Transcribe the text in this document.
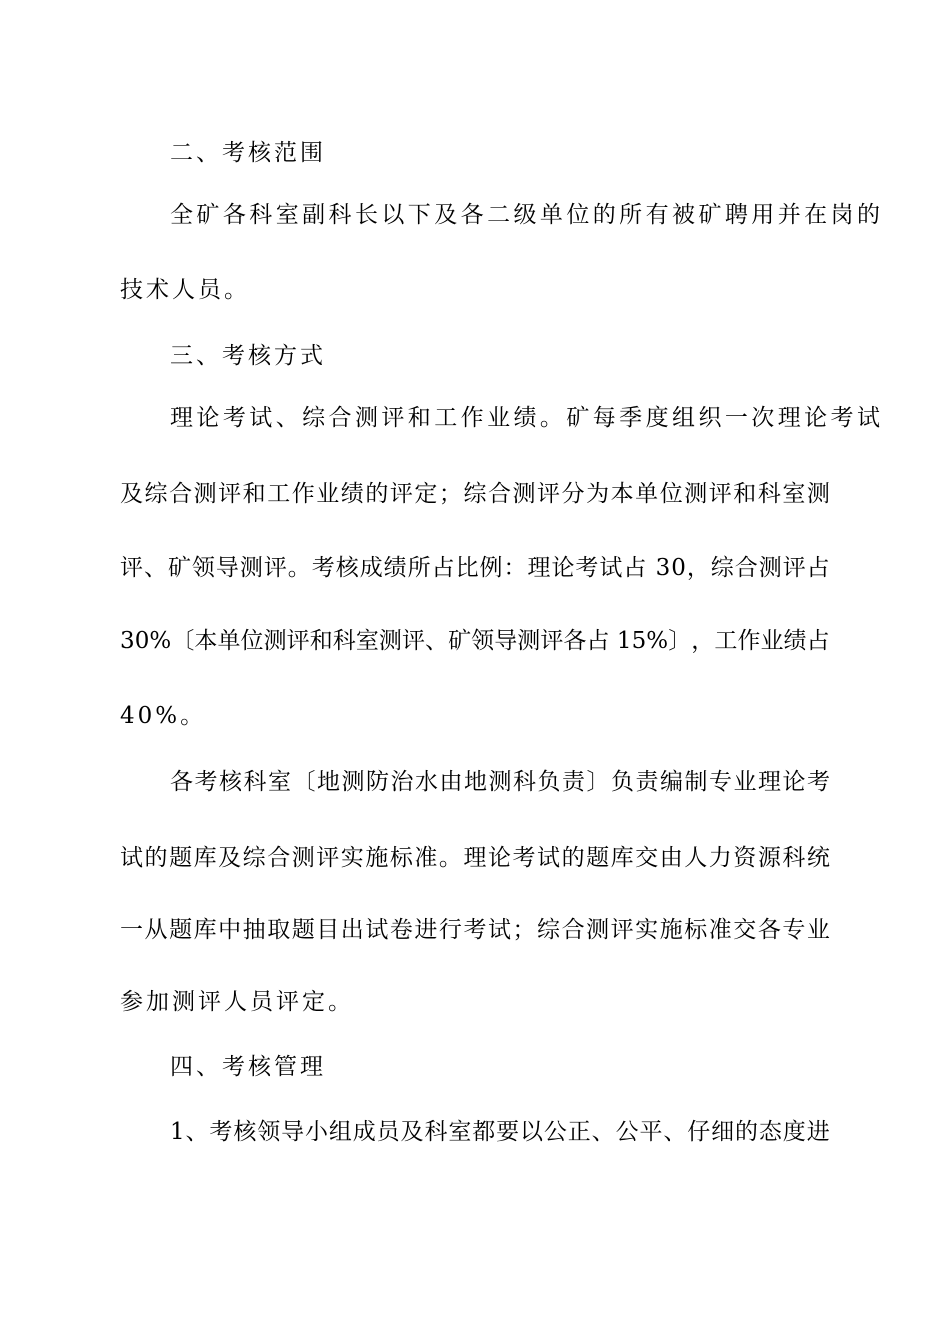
二、考核范围
全 矿 各 科 室 副 科 长 以 下 及 各 二 级 单 位 的 所 有 被 矿 聘 用 并 在 岗 的
技术人员。
三、考核方式
理 论 考 试 、 综 合 测 评 和 工 作 业 绩 。 矿 每 季 度 组 织 一 次 理 论 考 试
及 综 合 测 评 和 工 作 业 绩 的 评 定 ； 综 合 测 评 分 为 本 单 位 测 评 和 科 室 测
评 、 矿 领 导 测 评 。 考 核 成 绩 所 占 比 例 ： 理 论 考 试 占
3 0 ， 综 合 测 评 占
3 0 % 〔 本 单 位 测 评 和 科 室 测 评 、 矿 领 导 测 评 各 占
1 5 % 〕 ， 工 作 业 绩 占
40%。
各 考 核 科 室 〔 地 测 防 治 水 由 地 测 科 负 责 〕 负 责 编 制 专 业 理 论 考
试 的 题 库 及 综 合 测 评 实 施 标 准 。 理 论 考 试 的 题 库 交 由 人 力 资 源 科 统
一 从 题 库 中 抽 取 题 目 出 试 卷 进 行 考 试 ； 综 合 测 评 实 施 标 准 交 各 专 业
参加测评人员评定。
四、考核管理
1 、 考 核 领 导 小 组 成 员 及 科 室 都 要 以 公 正 、 公 平 、 仔 细 的 态 度 进
